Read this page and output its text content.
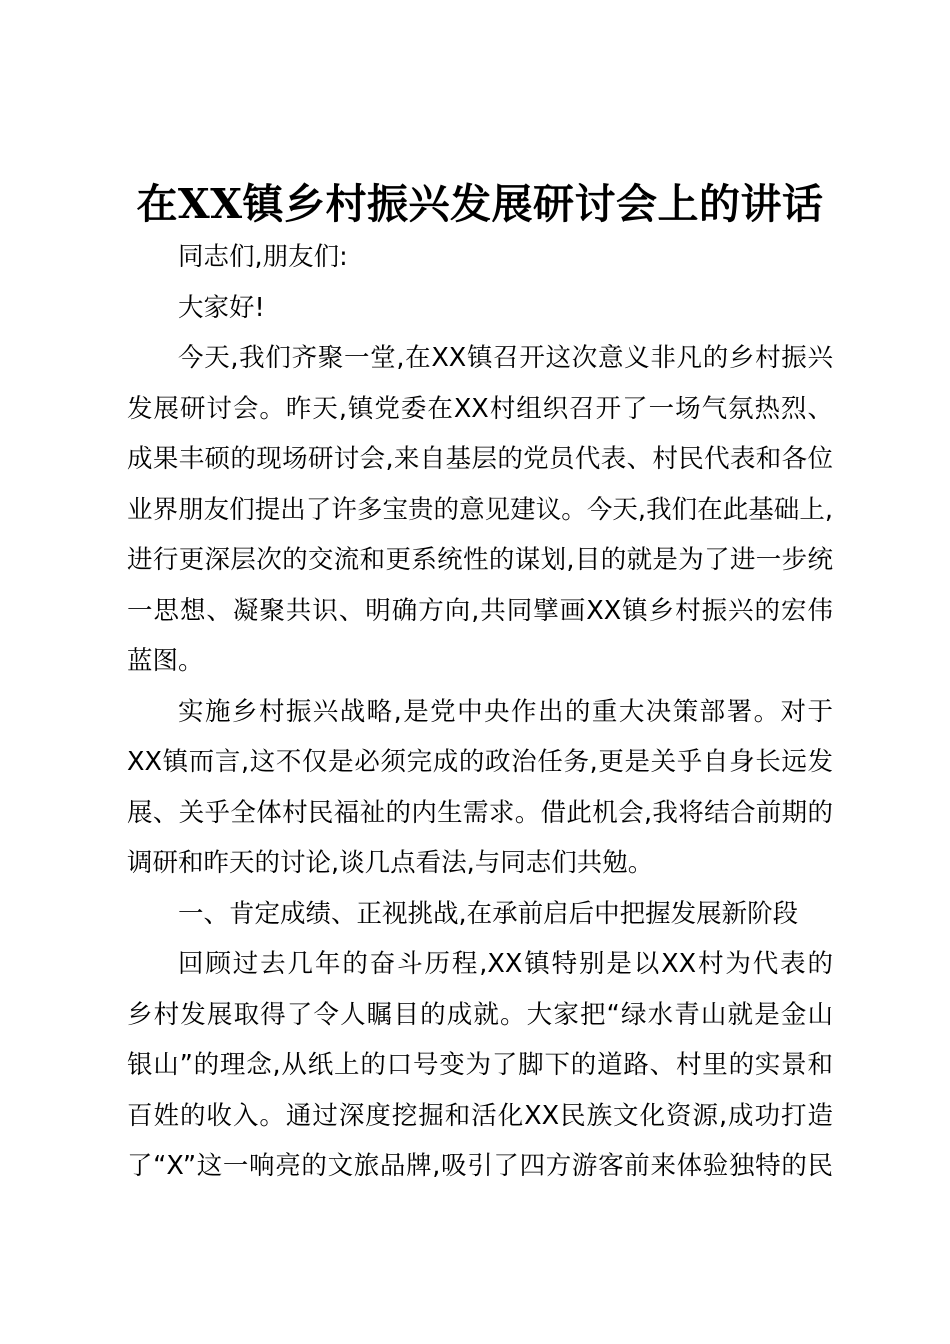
在XX镇乡村振兴发展研讨会上的讲话
同志们,朋友们:
大家好!
今天,我们齐聚一堂,在XX镇召开这次意义非凡的乡村振兴
发展研讨会。昨天,镇党委在XX村组织召开了一场气氛热烈、
成果丰硕的现场研讨会,来自基层的党员代表、村民代表和各位
业界朋友们提出了许多宝贵的意见建议。今天,我们在此基础上,
进行更深层次的交流和更系统性的谋划,目的就是为了进一步统
一思想、凝聚共识、明确方向,共同擘画XX镇乡村振兴的宏伟
蓝图。
实施乡村振兴战略,是党中央作出的重大决策部署。对于
XX镇而言,这不仅是必须完成的政治任务,更是关乎自身长远发
展、关乎全体村民福祉的内生需求。借此机会,我将结合前期的
调研和昨天的讨论,谈几点看法,与同志们共勉。
一、肯定成绩、正视挑战,在承前启后中把握发展新阶段
回顾过去几年的奋斗历程,XX镇特别是以XX村为代表的
乡村发展取得了令人瞩目的成就。大家把“绿水青山就是金山
银山”的理念,从纸上的口号变为了脚下的道路、村里的实景和
百姓的收入。通过深度挖掘和活化XX民族文化资源,成功打造
了“X”这一响亮的文旅品牌,吸引了四方游客前来体验独特的民
